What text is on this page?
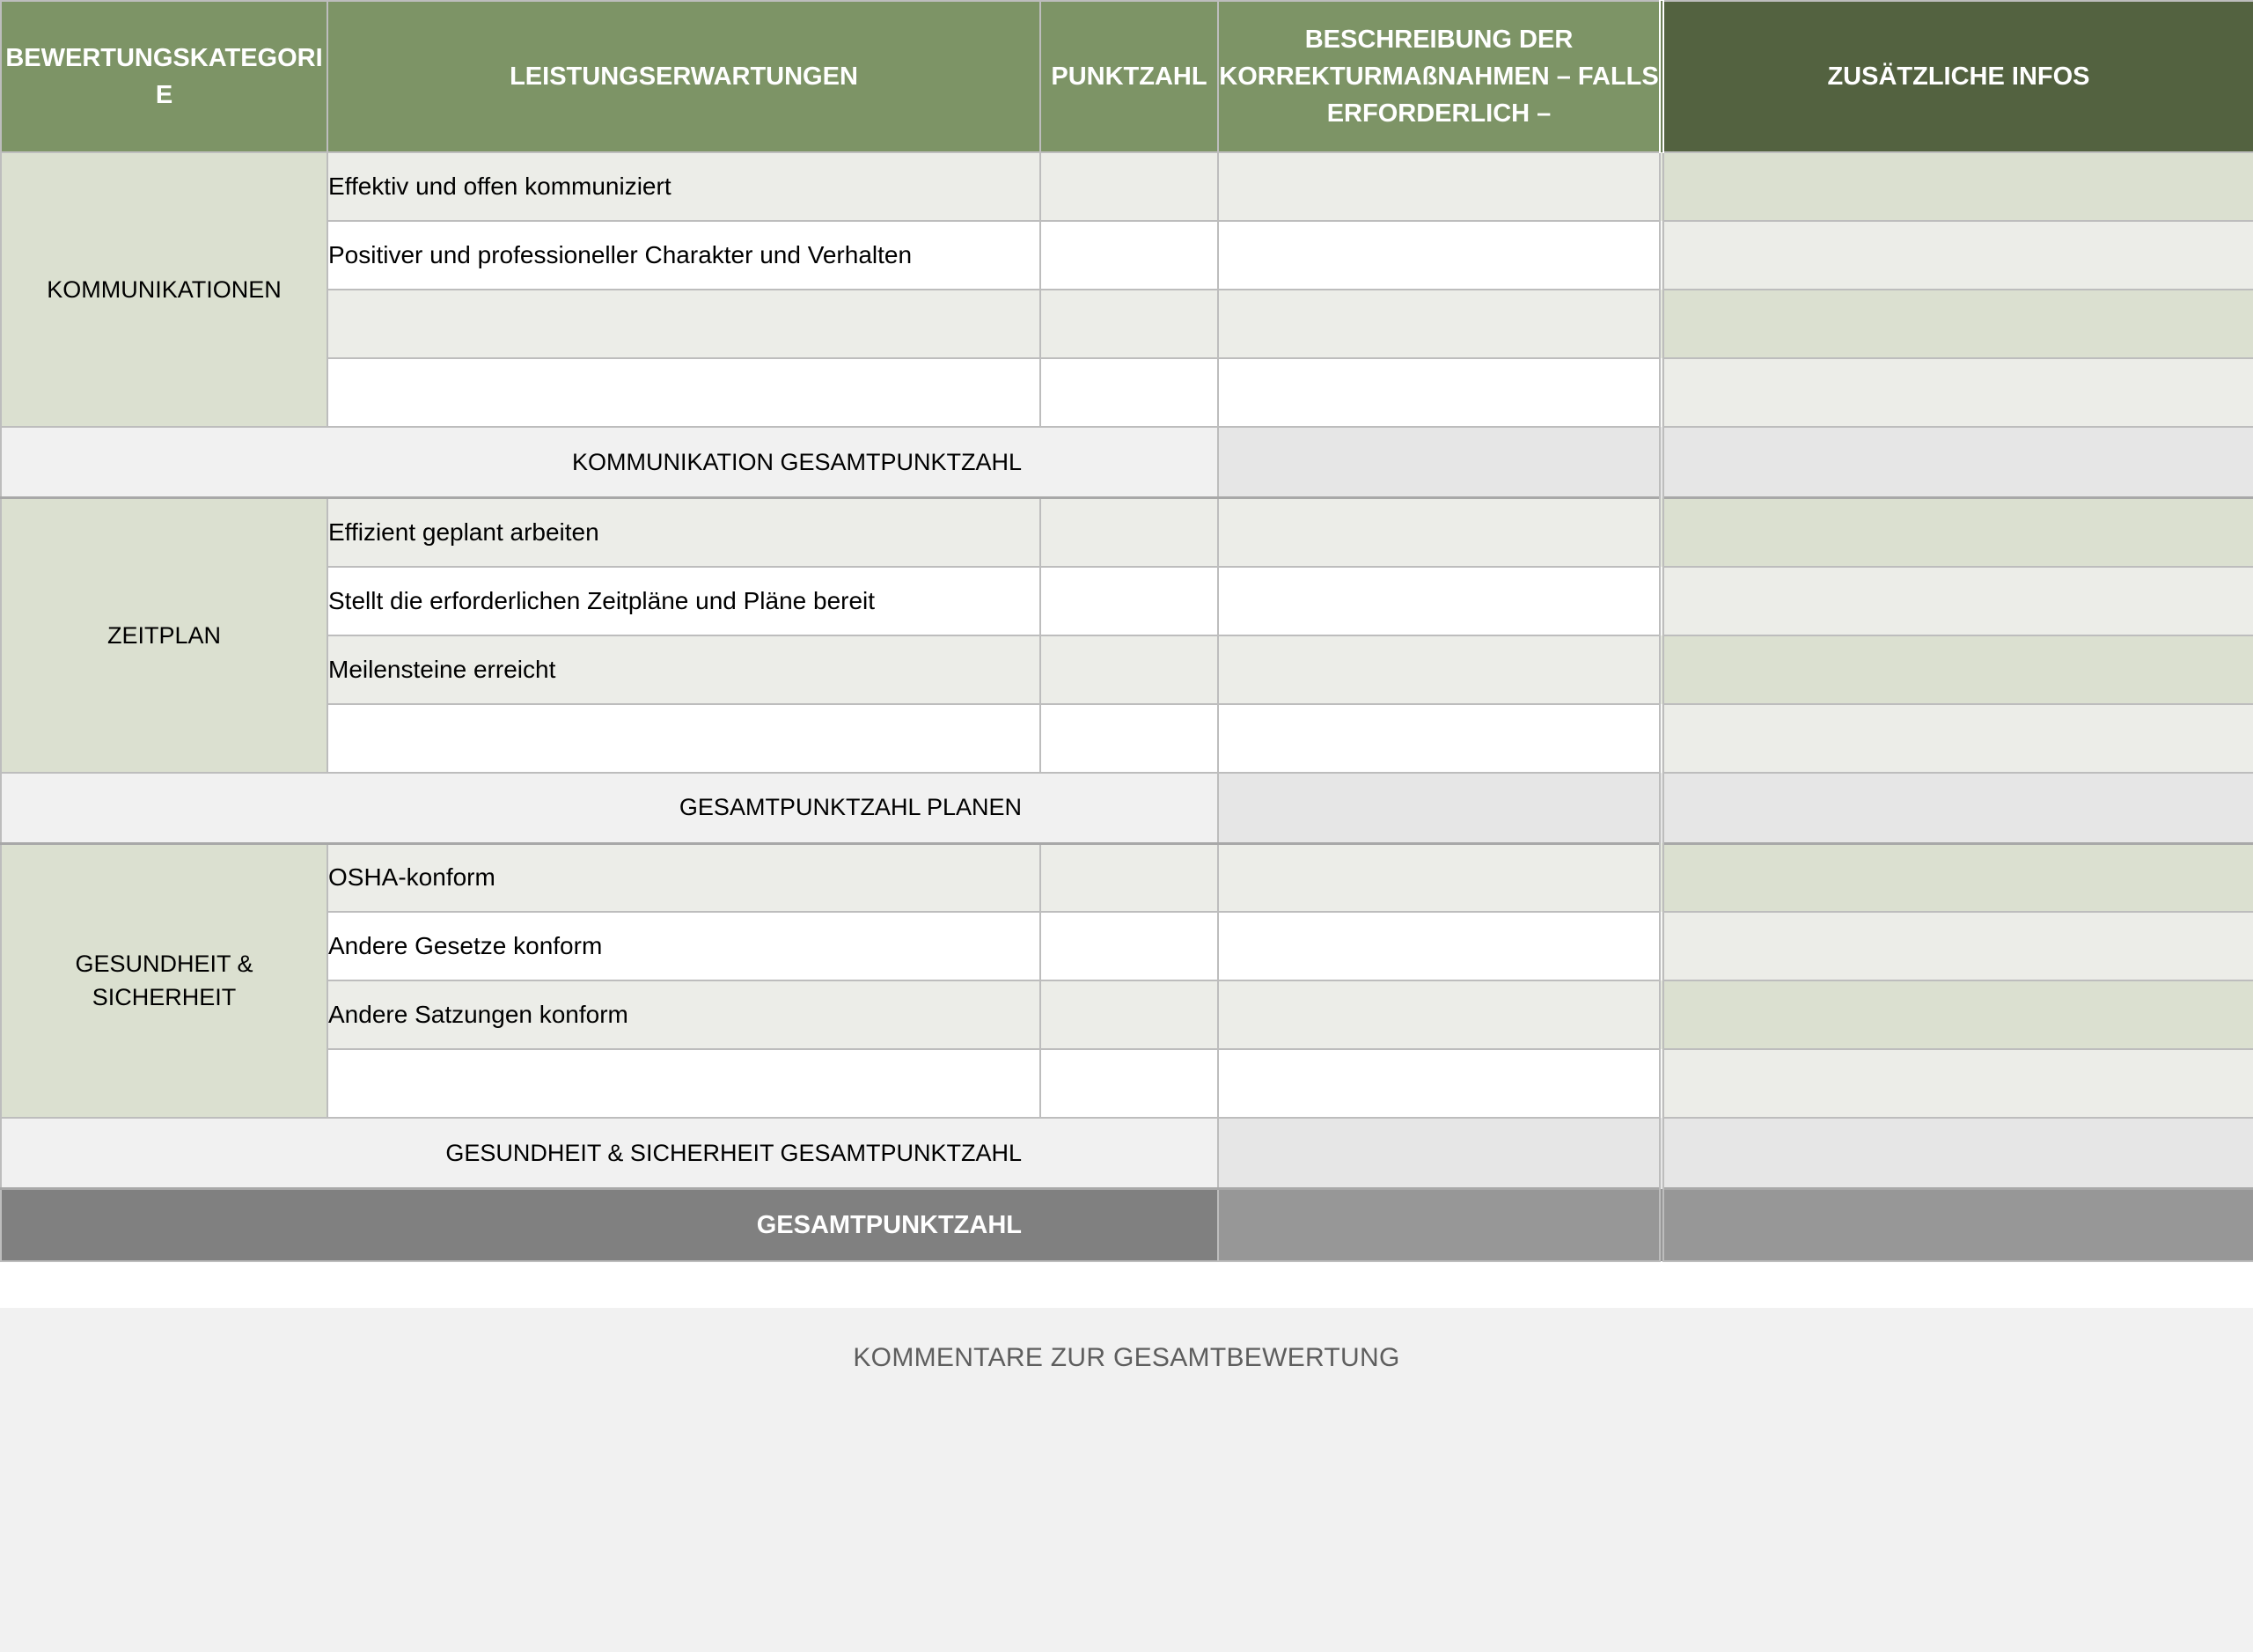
BEWERTUNGSKATEGORIE	LEISTUNGSERWARTUNGEN	PUNKTZAHL	BESCHREIBUNG DER KORREKTURMAßNAHMEN – FALLS ERFORDERLICH –	ZUSÄTZLICHE INFOS
KOMMUNIKATIONEN	Effektiv und offen kommuniziert			
	Positiver und professioneller Charakter und Verhalten			

KOMMUNIKATION GESAMTPUNKTZAHL				
ZEITPLAN	Effizient geplant arbeiten			
	Stellt die erforderlichen Zeitpläne und Pläne bereit			
	Meilensteine erreicht			

GESAMTPUNKTZAHL PLANEN				
GESUNDHEIT & SICHERHEIT	OSHA-konform			
	Andere Gesetze konform			
	Andere Satzungen konform			

GESUNDHEIT & SICHERHEIT GESAMTPUNKTZAHL				
GESAMTPUNKTZAHL				
KOMMENTARE ZUR GESAMTBEWERTUNG
